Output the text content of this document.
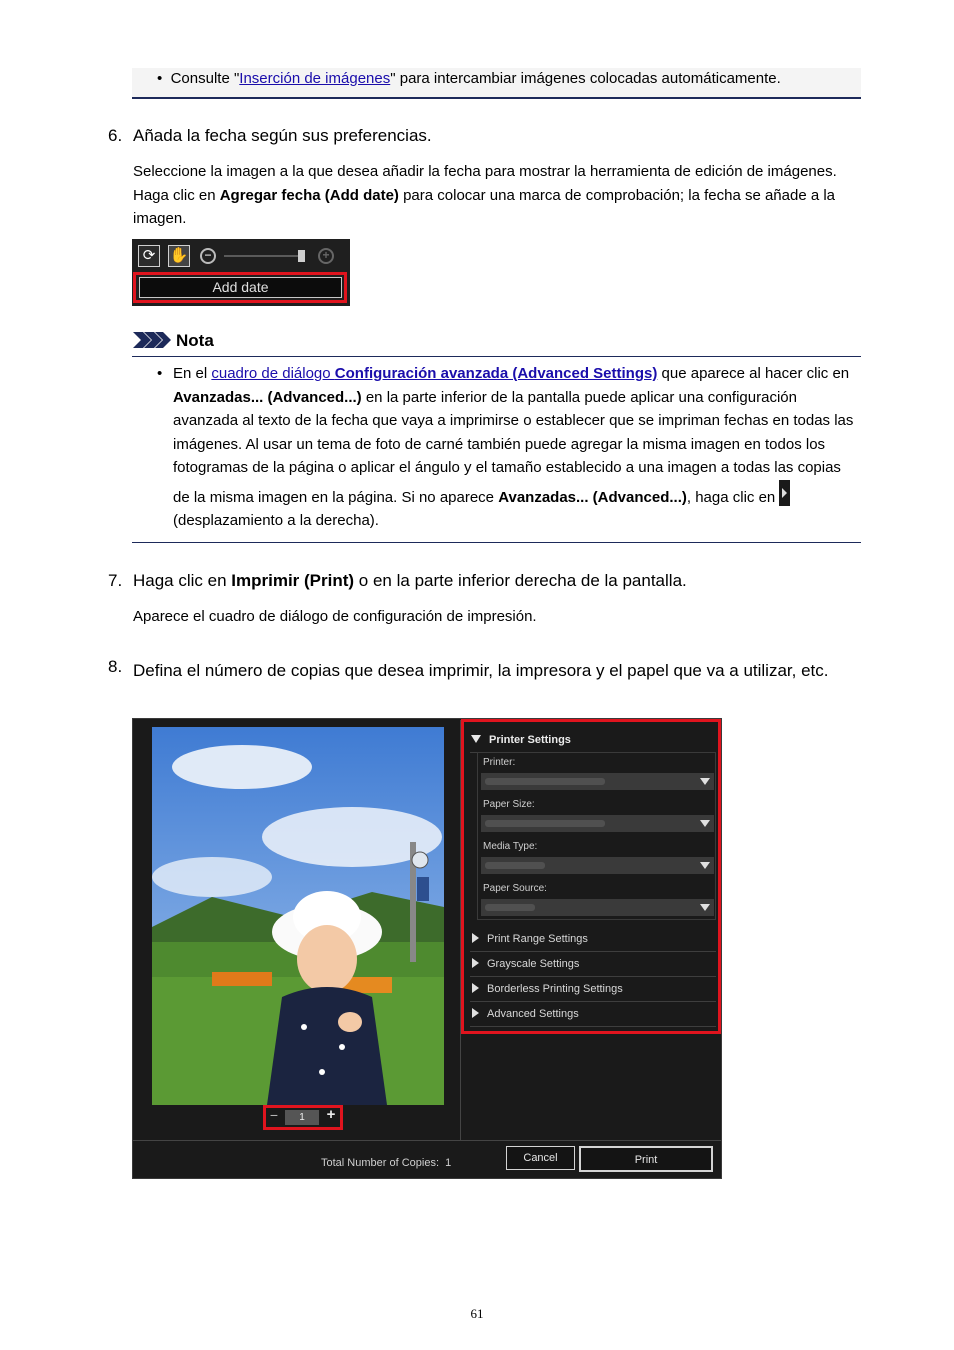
•  Consulte "Inserción de imágenes" para intercambiar imágenes colocadas automáticamente.
6. Añada la fecha según sus preferencias.
Seleccione la imagen a la que desea añadir la fecha para mostrar la herramienta de edición de imágenes. Haga clic en Agregar fecha (Add date) para colocar una marca de comprobación; la fecha se añade a la imagen.
⟳ ✋	−	+
Add date
Nota
• En el cuadro de diálogo Configuración avanzada (Advanced Settings) que aparece al hacer clic en Avanzadas... (Advanced...) en la parte inferior de la pantalla puede aplicar una configuración avanzada al texto de la fecha que vaya a imprimirse o establecer que se impriman fechas en todas las imágenes. Al usar un tema de foto de carné también puede agregar la misma imagen en todos los fotogramas de la página o aplicar el ángulo y el tamaño establecido a una imagen a todas las copias de la misma imagen en la página. Si no aparece Avanzadas... (Advanced...), haga clic en
(desplazamiento a la derecha).
7. Haga clic en Imprimir (Print) o en la parte inferior derecha de la pantalla.
Aparece el cuadro de diálogo de configuración de impresión.
8. Defina el número de copias que desea imprimir, la impresora y el papel que va a utilizar, etc.
−	1	+
Printer Settings
Printer:
Paper Size:
Media Type:
Paper Source:
Print Range Settings
Grayscale Settings
Borderless Printing Settings
Advanced Settings
Total Number of Copies:  1	Cancel	Print
61
